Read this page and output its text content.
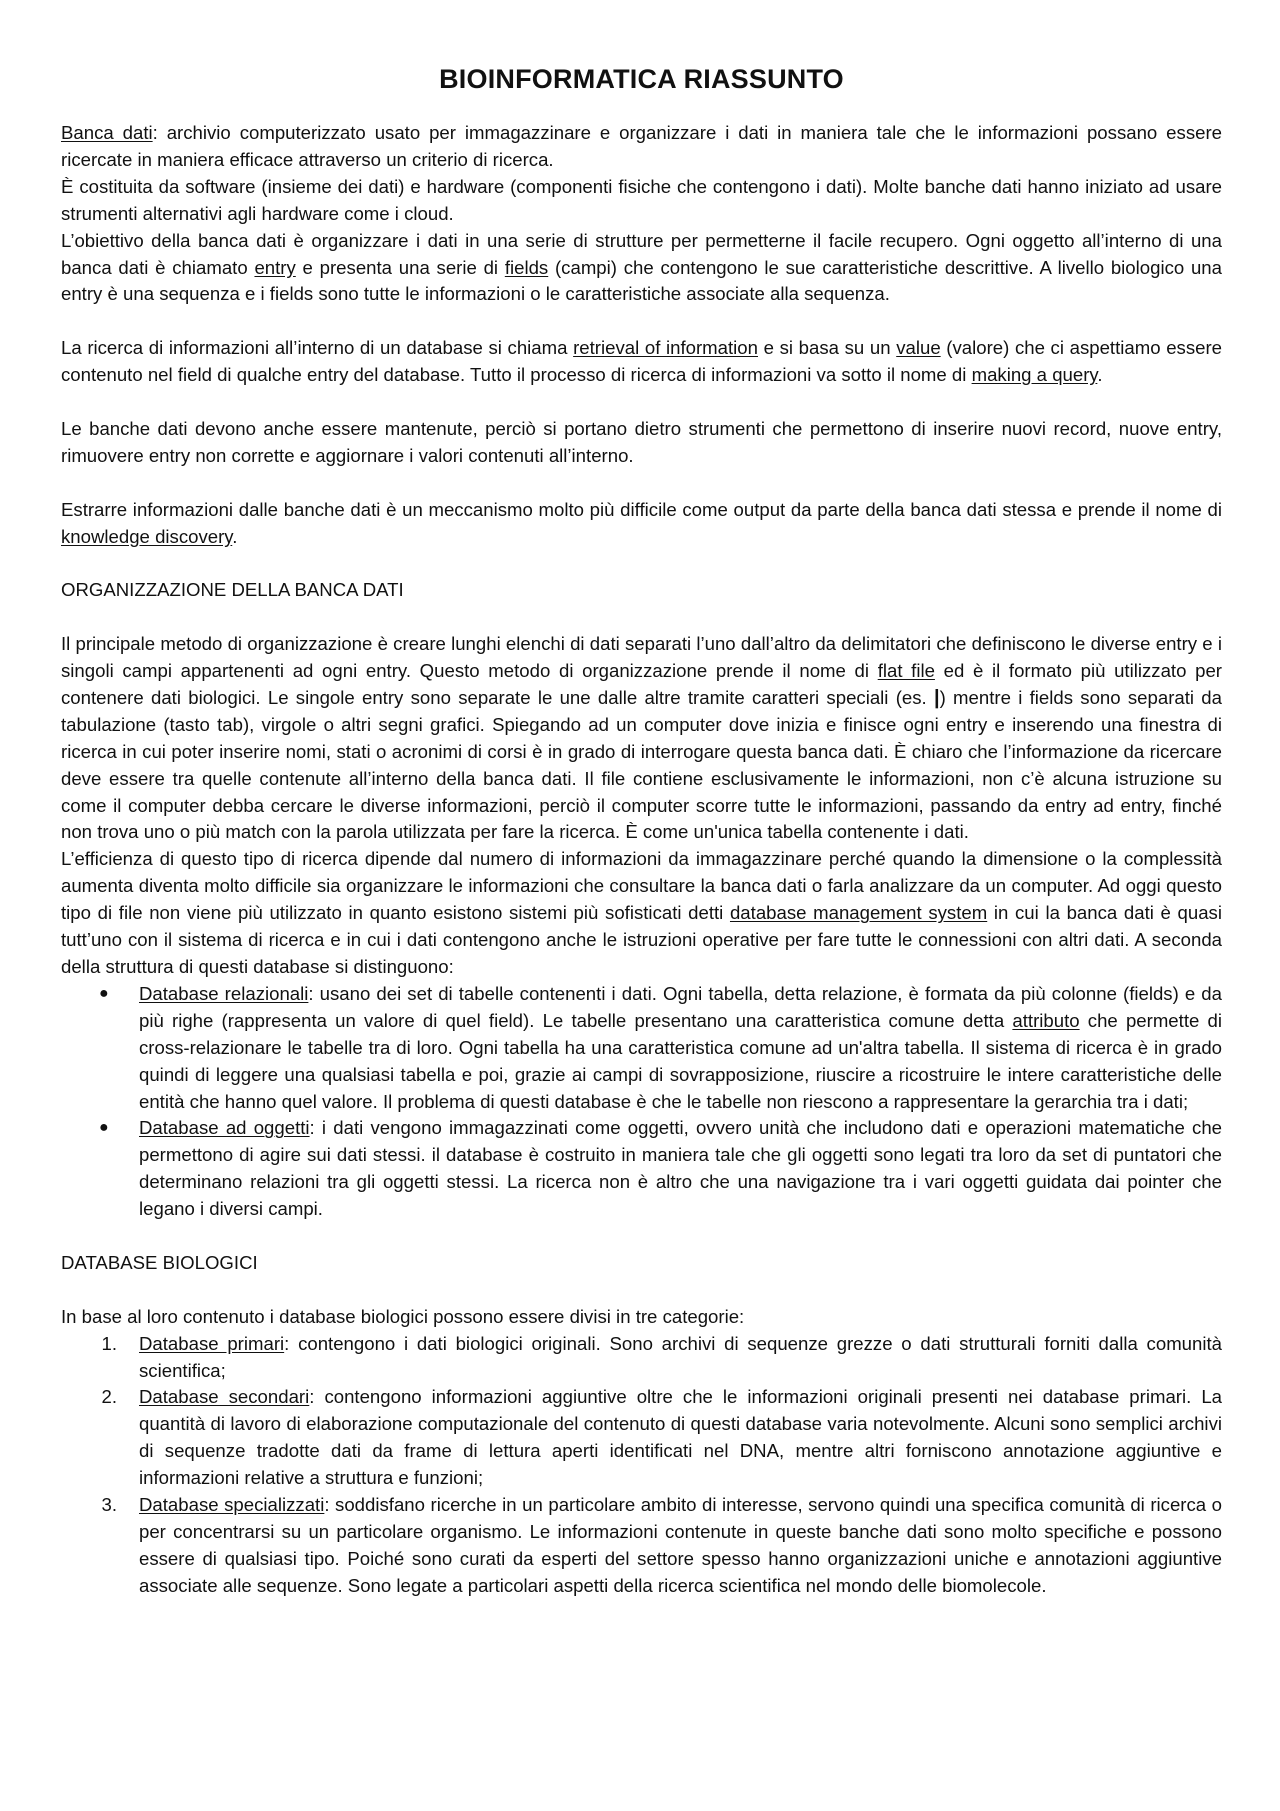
BIOINFORMATICA RIASSUNTO

Banca dati: archivio computerizzato usato per immagazzinare e organizzare i dati in maniera tale che le informazioni possano essere ricercate in maniera efficace attraverso un criterio di ricerca.

È costituita da software (insieme dei dati) e hardware (componenti fisiche che contengono i dati). Molte banche dati hanno iniziato ad usare strumenti alternativi agli hardware come i cloud.

L’obiettivo della banca dati è organizzare i dati in una serie di strutture per permetterne il facile recupero. Ogni oggetto all’interno di una banca dati è chiamato entry e presenta una serie di fields (campi) che contengono le sue caratteristiche descrittive. A livello biologico una entry è una sequenza e i fields sono tutte le informazioni o le caratteristiche associate alla sequenza.

La ricerca di informazioni all’interno di un database si chiama retrieval of information e si basa su un value (valore) che ci aspettiamo essere contenuto nel field di qualche entry del database. Tutto il processo di ricerca di informazioni va sotto il nome di making a query.

Le banche dati devono anche essere mantenute, perciò si portano dietro strumenti che permettono di inserire nuovi record, nuove entry, rimuovere entry non corrette e aggiornare i valori contenuti all’interno.

Estrarre informazioni dalle banche dati è un meccanismo molto più difficile come output da parte della banca dati stessa e prende il nome di knowledge discovery.

ORGANIZZAZIONE DELLA BANCA DATI

Il principale metodo di organizzazione è creare lunghi elenchi di dati separati l’uno dall’altro da delimitatori che definiscono le diverse entry e i singoli campi appartenenti ad ogni entry. Questo metodo di organizzazione prende il nome di flat file ed è il formato più utilizzato per contenere dati biologici. Le singole entry sono separate le une dalle altre tramite caratteri speciali (es. |) mentre i fields sono separati da tabulazione (tasto tab), virgole o altri segni grafici. Spiegando ad un computer dove inizia e finisce ogni entry e inserendo una finestra di ricerca in cui poter inserire nomi, stati o acronimi di corsi è in grado di interrogare questa banca dati. È chiaro che l’informazione da ricercare deve essere tra quelle contenute all’interno della banca dati. Il file contiene esclusivamente le informazioni, non c’è alcuna istruzione su come il computer debba cercare le diverse informazioni, perciò il computer scorre tutte le informazioni, passando da entry ad entry, finché non trova uno o più match con la parola utilizzata per fare la ricerca. È come un'unica tabella contenente i dati.

L’efficienza di questo tipo di ricerca dipende dal numero di informazioni da immagazzinare perché quando la dimensione o la complessità aumenta diventa molto difficile sia organizzare le informazioni che consultare la banca dati o farla analizzare da un computer. Ad oggi questo tipo di file non viene più utilizzato in quanto esistono sistemi più sofisticati detti database management system in cui la banca dati è quasi tutt’uno con il sistema di ricerca e in cui i dati contengono anche le istruzioni operative per fare tutte le connessioni con altri dati. A seconda della struttura di questi database si distinguono:

● Database relazionali: usano dei set di tabelle contenenti i dati. Ogni tabella, detta relazione, è formata da più colonne (fields) e da più righe (rappresenta un valore di quel field). Le tabelle presentano una caratteristica comune detta attributo che permette di cross-relazionare le tabelle tra di loro. Ogni tabella ha una caratteristica comune ad un'altra tabella. Il sistema di ricerca è in grado quindi di leggere una qualsiasi tabella e poi, grazie ai campi di sovrapposizione, riuscire a ricostruire le intere caratteristiche delle entità che hanno quel valore. Il problema di questi database è che le tabelle non riescono a rappresentare la gerarchia tra i dati;
● Database ad oggetti: i dati vengono immagazzinati come oggetti, ovvero unità che includono dati e operazioni matematiche che permettono di agire sui dati stessi. il database è costruito in maniera tale che gli oggetti sono legati tra loro da set di puntatori che determinano relazioni tra gli oggetti stessi. La ricerca non è altro che una navigazione tra i vari oggetti guidata dai pointer che legano i diversi campi.

DATABASE BIOLOGICI

In base al loro contenuto i database biologici possono essere divisi in tre categorie:

1. Database primari: contengono i dati biologici originali. Sono archivi di sequenze grezze o dati strutturali forniti dalla comunità scientifica;
2. Database secondari: contengono informazioni aggiuntive oltre che le informazioni originali presenti nei database primari. La quantità di lavoro di elaborazione computazionale del contenuto di questi database varia notevolmente. Alcuni sono semplici archivi di sequenze tradotte dati da frame di lettura aperti identificati nel DNA, mentre altri forniscono annotazione aggiuntive e informazioni relative a struttura e funzioni;
3. Database specializzati: soddisfano ricerche in un particolare ambito di interesse, servono quindi una specifica comunità di ricerca o per concentrarsi su un particolare organismo. Le informazioni contenute in queste banche dati sono molto specifiche e possono essere di qualsiasi tipo. Poiché sono curati da esperti del settore spesso hanno organizzazioni uniche e annotazioni aggiuntive associate alle sequenze. Sono legate a particolari aspetti della ricerca scientifica nel mondo delle biomolecole.
